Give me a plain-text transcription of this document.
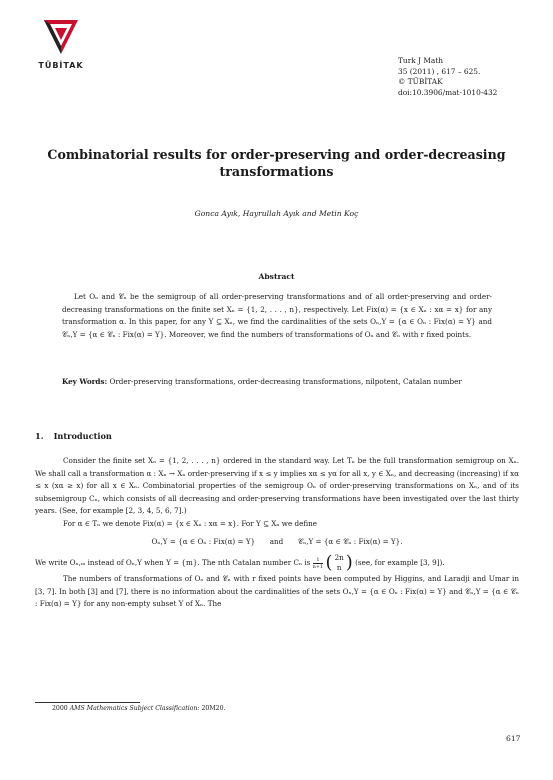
TÜBİTAK
Turk J Math
35 (2011) , 617 – 625.
© TÜBİTAK
doi:10.3906/mat-1010-432
Combinatorial results for order-preserving and order-decreasing transformations
Gonca Ayık, Hayrullah Ayık and Metin Koç
Abstract

Let Oₙ and 𝒞ₙ be the semigroup of all order-preserving transformations and of all order-preserving and order-decreasing transformations on the finite set Xₙ = {1, 2, . . . , n}, respectively. Let Fix(α) = {x ∈ Xₙ : xα = x} for any transformation α. In this paper, for any Y ⊆ Xₙ, we find the cardinalities of the sets Oₙ,Y = {α ∈ Oₙ : Fix(α) = Y} and 𝒞ₙ,Y = {α ∈ 𝒞ₙ : Fix(α) = Y}. Moreover, we find the numbers of transformations of Oₙ and 𝒞ₙ with r fixed points.

Key Words: Order-preserving transformations, order-decreasing transformations, nilpotent, Catalan number

1. Introduction

Consider the finite set Xₙ = {1, 2, . . . , n} ordered in the standard way. Let Tₙ be the full transformation semigroup on Xₙ. We shall call a transformation α : Xₙ → Xₙ order-preserving if x ≤ y implies xα ≤ yα for all x, y ∈ Xₙ, and decreasing (increasing) if xα ≤ x (xα ≥ x) for all x ∈ Xₙ. Combinatorial properties of the semigroup Oₙ of order-preserving transformations on Xₙ, and of its subsemigroup Cₙ, which consists of all decreasing and order-preserving transformations have been investigated over the last thirty years. (See, for example [2, 3, 4, 5, 6, 7].)

For α ∈ Tₙ we denote Fix(α) = {x ∈ Xₙ : xα = x}. For Y ⊆ Xₙ we define

Oₙ,Y = {α ∈ Oₙ : Fix(α) = Y} and 𝒞ₙ,Y = {α ∈ 𝒞ₙ : Fix(α) = Y}.

We write Oₙ,ₘ instead of Oₙ,Y when Y = {m}. The nth Catalan number Cₙ is $\frac{1}{n+1}$ ( 2n
n ) (see, for example [3, 9]).

The numbers of transformations of Oₙ and 𝒞ₙ with r fixed points have been computed by Higgins, and Laradji and Umar in [3, 7]. In both [3] and [7], there is no information about the cardinalities of the sets Oₙ,Y = {α ∈ Oₙ : Fix(α) = Y} and 𝒞ₙ,Y = {α ∈ 𝒞ₙ : Fix(α) = Y} for any non-empty subset Y of Xₙ. The

2000 AMS Mathematics Subject Classification: 20M20.
617
